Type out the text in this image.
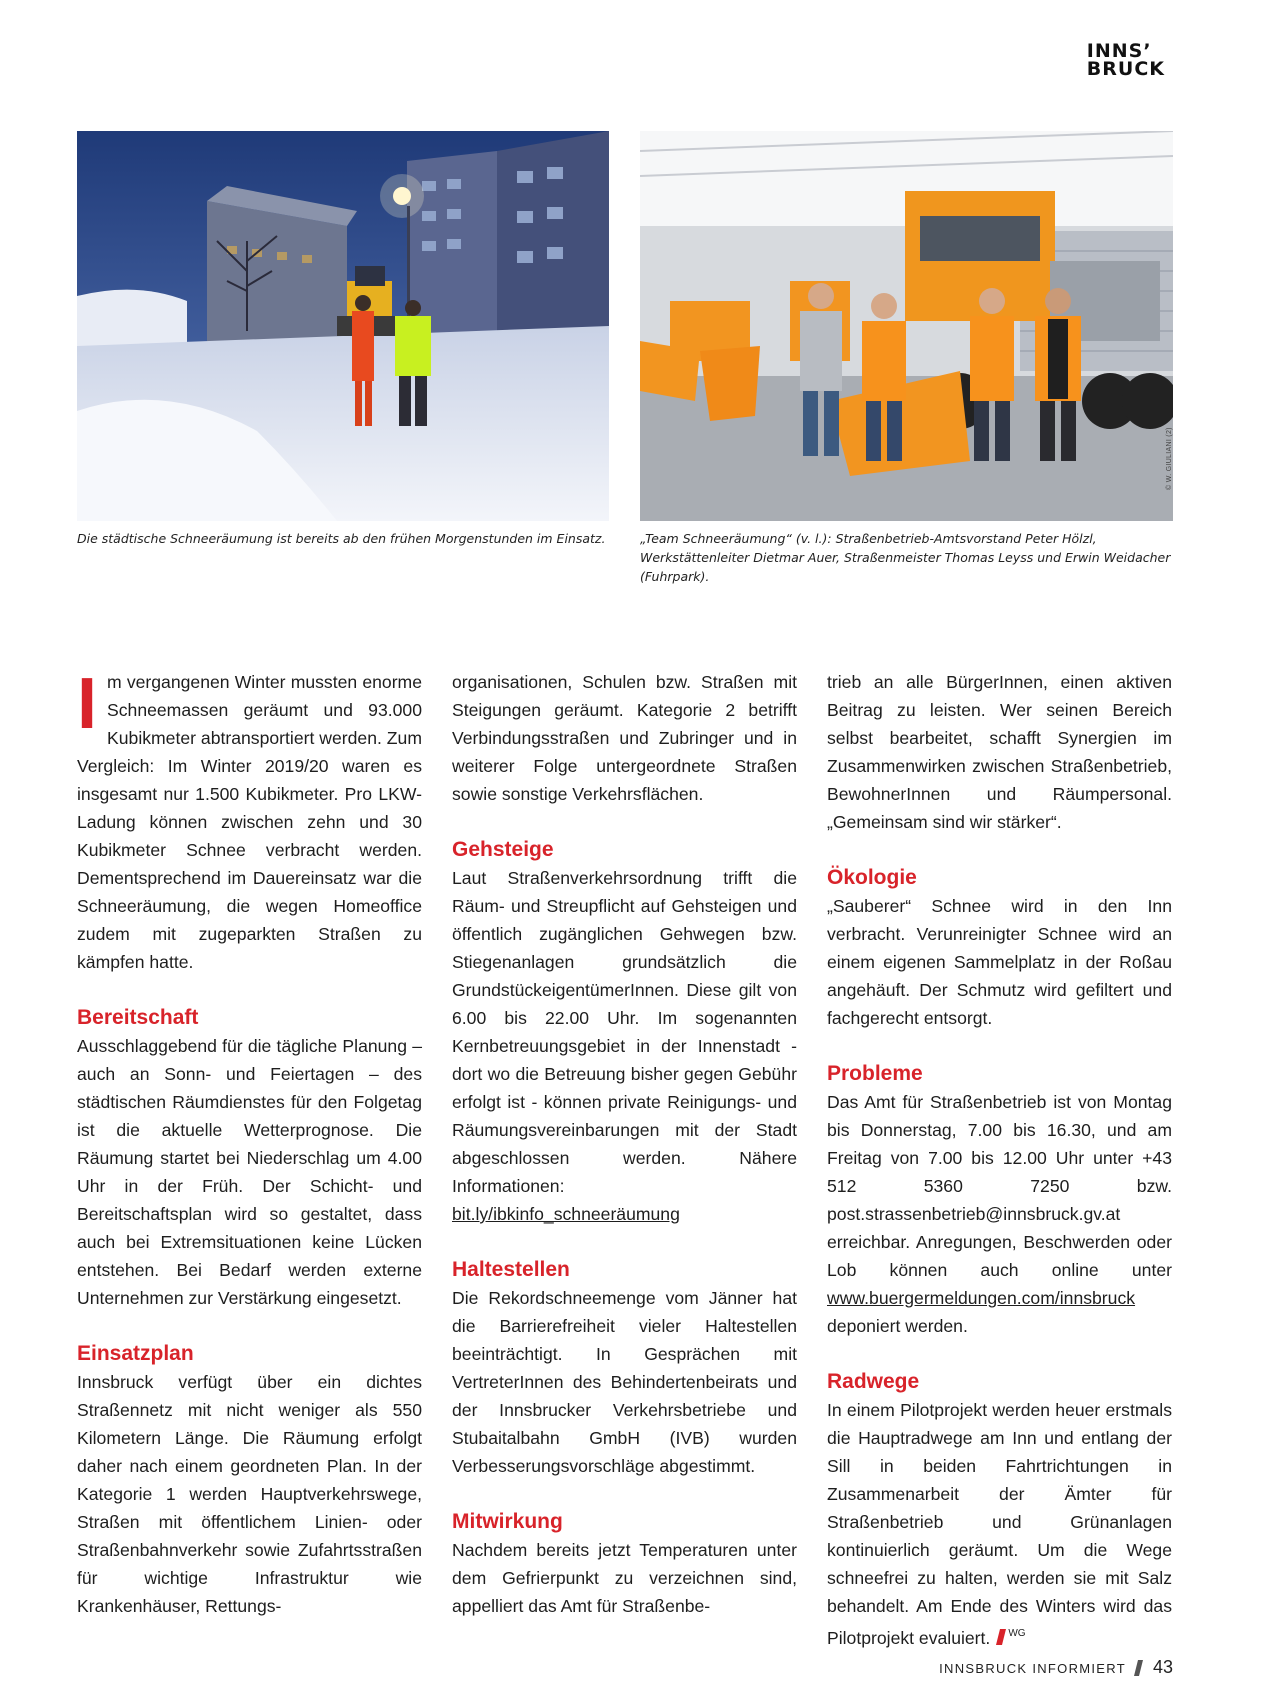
INNS’
BRUCK
© W. GIULIANI (2)
Die städtische Schneeräumung ist bereits ab den frühen Morgenstunden im Einsatz.	„Team Schneeräumung“ (v. l.): Straßenbetrieb-Amtsvorstand Peter Hölzl, Werkstättenleiter Dietmar Auer, Straßenmeister Thomas Leyss und Erwin Weidacher (Fuhrpark).

Im vergangenen Winter mussten enorme Schneemassen geräumt und 93.000 Kubikmeter abtransportiert werden. Zum Vergleich: Im Winter 2019/20 waren es insgesamt nur 1.500 Kubikmeter. Pro LKW-Ladung können zwischen zehn und 30 Kubikmeter Schnee verbracht werden. Dementsprechend im Dauereinsatz war die Schneeräumung, die wegen Homeoffice zudem mit zugeparkten Straßen zu kämpfen hatte.

Bereitschaft

Ausschlaggebend für die tägliche Planung – auch an Sonn- und Feiertagen – des städtischen Räumdienstes für den Folgetag ist die aktuelle Wetterprognose. Die Räumung startet bei Niederschlag um 4.00 Uhr in der Früh. Der Schicht- und Bereitschaftsplan wird so gestaltet, dass auch bei Extremsituationen keine Lücken entstehen. Bei Bedarf werden externe Unternehmen zur Verstärkung eingesetzt.

Einsatzplan

Innsbruck verfügt über ein dichtes Straßennetz mit nicht weniger als 550 Kilometern Länge. Die Räumung erfolgt daher nach einem geordneten Plan. In der Kategorie 1 werden Hauptverkehrswege, Straßen mit öffentlichem Linien- oder Straßenbahnverkehr sowie Zufahrtsstraßen für wichtige Infrastruktur wie Krankenhäuser, Rettungs-

organisationen, Schulen bzw. Straßen mit Steigungen geräumt. Kategorie 2 betrifft Verbindungsstraßen und Zubringer und in weiterer Folge untergeordnete Straßen sowie sonstige Verkehrsflächen.

Gehsteige

Laut Straßenverkehrsordnung trifft die Räum- und Streupflicht auf Gehsteigen und öffentlich zugänglichen Gehwegen bzw. Stiegenanlagen grundsätzlich die GrundstückeigentümerInnen. Diese gilt von 6.00 bis 22.00 Uhr. Im sogenannten Kernbetreuungsgebiet in der Innenstadt - dort wo die Betreuung bisher gegen Gebühr erfolgt ist - können private Reinigungs- und Räumungsvereinbarungen mit der Stadt abgeschlossen werden. Nähere Informationen: bit.ly/ibkinfo_schneeräumung

Haltestellen

Die Rekordschneemenge vom Jänner hat die Barrierefreiheit vieler Haltestellen beeinträchtigt. In Gesprächen mit VertreterInnen des Behindertenbeirats und der Innsbrucker Verkehrsbetriebe und Stubaitalbahn GmbH (IVB) wurden Verbesserungsvorschläge abgestimmt.

Mitwirkung

Nachdem bereits jetzt Temperaturen unter dem Gefrierpunkt zu verzeichnen sind, appelliert das Amt für Straßenbe-

trieb an alle BürgerInnen, einen aktiven Beitrag zu leisten. Wer seinen Bereich selbst bearbeitet, schafft Synergien im Zusammenwirken zwischen Straßenbetrieb, BewohnerInnen und Räumpersonal. „Gemeinsam sind wir stärker“.

Ökologie

„Sauberer“ Schnee wird in den Inn verbracht. Verunreinigter Schnee wird an einem eigenen Sammelplatz in der Roßau angehäuft. Der Schmutz wird gefiltert und fachgerecht entsorgt.

Probleme

Das Amt für Straßenbetrieb ist von Montag bis Donnerstag, 7.00 bis 16.30, und am Freitag von 7.00 bis 12.00 Uhr unter +43 512 5360 7250 bzw. post.strassenbetrieb@innsbruck.gv.at erreichbar. Anregungen, Beschwerden oder Lob können auch online unter www.buergermeldungen.com/innsbruck deponiert werden.

Radwege

In einem Pilotprojekt werden heuer erstmals die Hauptradwege am Inn und entlang der Sill in beiden Fahrtrichtungen in Zusammenarbeit der Ämter für Straßenbetrieb und Grünanlagen kontinuierlich geräumt. Um die Wege schneefrei zu halten, werden sie mit Salz behandelt. Am Ende des Winters wird das Pilotprojekt evaluiert. $^{WG}$

INNSBRUCK INFORMIERT 43
